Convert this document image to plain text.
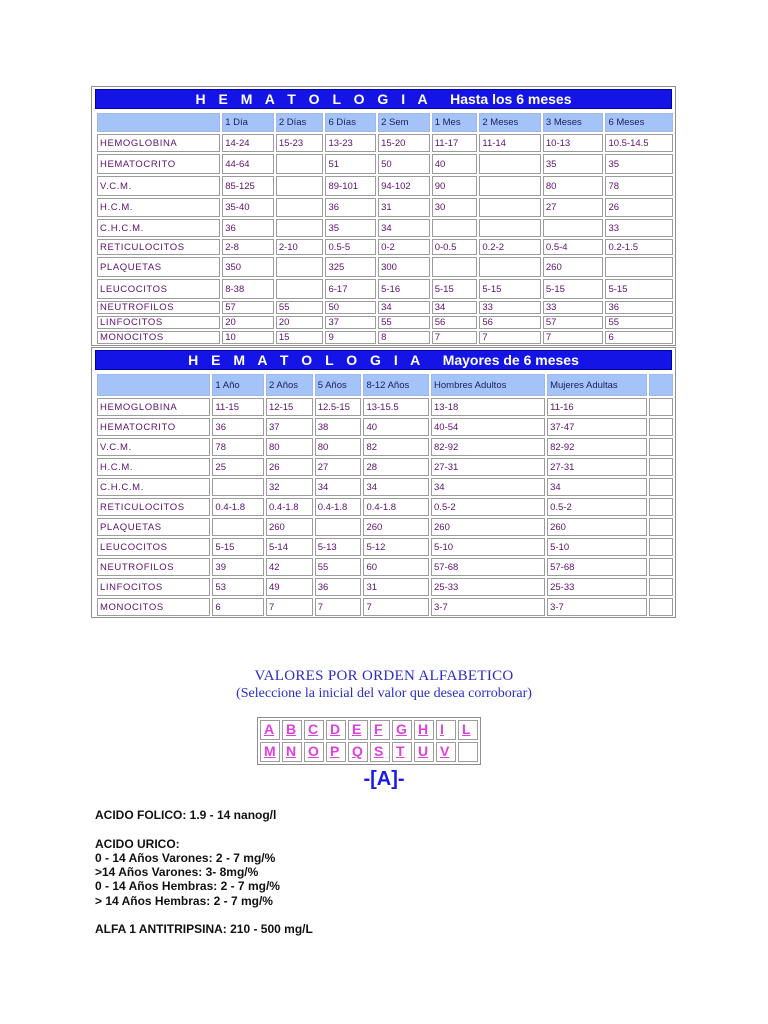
H E M A T O L O G I A Hasta los 6 meses
	1 Día	2 Días	6 Días	2 Sem	1 Mes	2 Meses	3 Meses	6 Meses
HEMOGLOBINA	14-24	15-23	13-23	15-20	11-17	11-14	10-13	10.5-14.5
HEMATOCRITO	44-64		51	50	40		35	35
V.C.M.	85-125		89-101	94-102	90		80	78
H.C.M.	35-40		36	31	30		27	26
C.H.C.M.	36		35	34				33
RETICULOCITOS	2-8	2-10	0.5-5	0-2	0-0.5	0.2-2	0.5-4	0.2-1.5
PLAQUETAS	350		325	300			260	
LEUCOCITOS	8-38		6-17	5-16	5-15	5-15	5-15	5-15
NEUTROFILOS	57	55	50	34	34	33	33	36
LINFOCITOS	20	20	37	55	56	56	57	55
MONOCITOS	10	15	9	8	7	7	7	6
H E M A T O L O G I A Mayores de 6 meses
	1 Año	2 Años	5 Años	8-12 Años	Hombres Adultos	Mujeres Adultas	
HEMOGLOBINA	11-15	12-15	12.5-15	13-15.5	13-18	11-16	
HEMATOCRITO	36	37	38	40	40-54	37-47	
V.C.M.	78	80	80	82	82-92	82-92	
H.C.M.	25	26	27	28	27-31	27-31	
C.H.C.M.		32	34	34	34	34	
RETICULOCITOS	0.4-1.8	0.4-1.8	0.4-1.8	0.4-1.8	0.5-2	0.5-2	
PLAQUETAS		260		260	260	260	
LEUCOCITOS	5-15	5-14	5-13	5-12	5-10	5-10	
NEUTROFILOS	39	42	55	60	57-68	57-68	
LINFOCITOS	53	49	36	31	25-33	25-33	
MONOCITOS	6	7	7	7	3-7	3-7	
VALORES POR ORDEN ALFABETICO
(Seleccione la inicial del valor que desea corroborar)
A	B	C	D	E	F	G	H	I	L
M	N	O	P	Q	S	T	U	V	
-[A]-

ACIDO FOLICO: 1.9 - 14 nanog/l

ACIDO URICO:

0 - 14 Años Varones: 2 - 7 mg/%

>14 Años Varones: 3- 8mg/%

0 - 14 Años Hembras: 2 - 7 mg/%

> 14 Años Hembras: 2 - 7 mg/%

ALFA 1 ANTITRIPSINA: 210 - 500 mg/L
